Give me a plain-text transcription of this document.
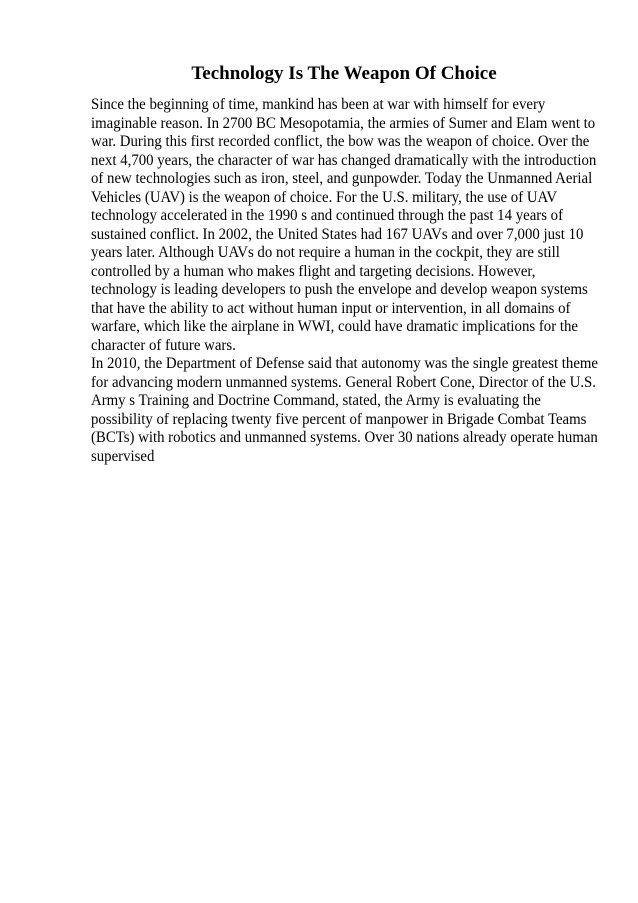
Technology Is The Weapon Of Choice
Since the beginning of time, mankind has been at war with himself for every
imaginable reason. In 2700 BC Mesopotamia, the armies of Sumer and Elam went to
war. During this first recorded conflict, the bow was the weapon of choice. Over the
next 4,700 years, the character of war has changed dramatically with the introduction
of new technologies such as iron, steel, and gunpowder. Today the Unmanned Aerial
Vehicles (UAV) is the weapon of choice. For the U.S. military, the use of UAV
technology accelerated in the 1990 s and continued through the past 14 years of
sustained conflict. In 2002, the United States had 167 UAVs and over 7,000 just 10
years later. Although UAVs do not require a human in the cockpit, they are still
controlled by a human who makes flight and targeting decisions. However,
technology is leading developers to push the envelope and develop weapon systems
that have the ability to act without human input or intervention, in all domains of
warfare, which like the airplane in WWI, could have dramatic implications for the
character of future wars.
In 2010, the Department of Defense said that autonomy was the single greatest theme
for advancing modern unmanned systems. General Robert Cone, Director of the U.S.
Army s Training and Doctrine Command, stated, the Army is evaluating the
possibility of replacing twenty five percent of manpower in Brigade Combat Teams
(BCTs) with robotics and unmanned systems. Over 30 nations already operate human
supervised
